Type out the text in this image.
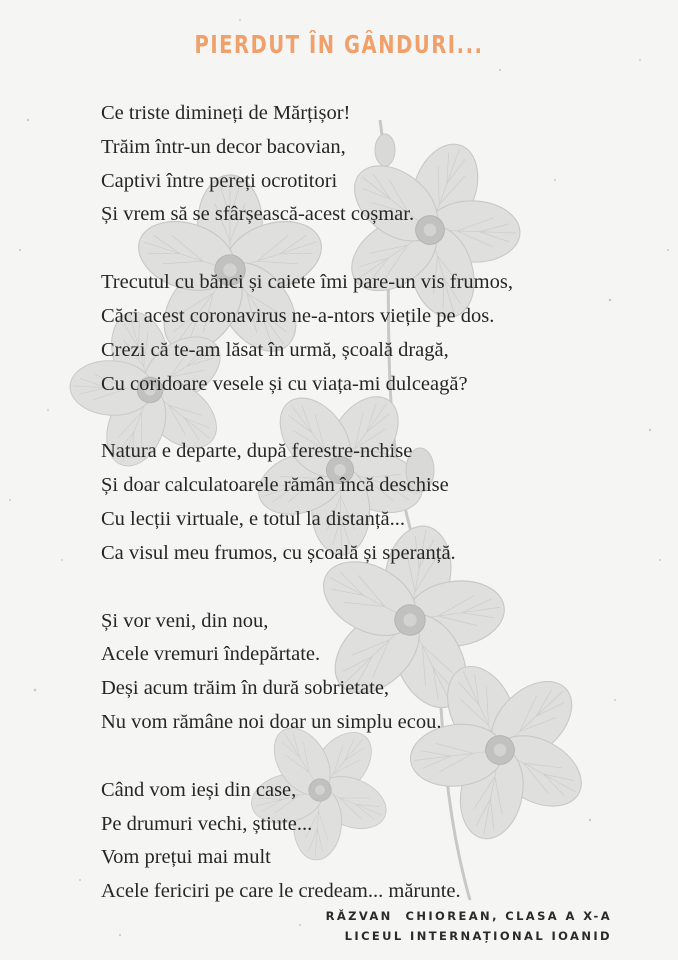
PIERDUT ÎN GÂNDURI...
Ce triste dimineți de Mărțișor!
Trăim într-un decor bacovian,
Captivi între pereți ocrotitori
Și vrem să se sfârșească-acest coșmar.
Trecutul cu bănci și caiete îmi pare-un vis frumos,
Căci acest coronavirus ne-a-ntors viețile pe dos.
Crezi că te-am lăsat în urmă, școală dragă,
Cu coridoare vesele și cu viața-mi dulceagă?
Natura e departe, după ferestre-nchise
Și doar calculatoarele rămân încă deschise
Cu lecții virtuale, e totul la distanță...
Ca visul meu frumos, cu școală și speranță.
Și vor veni, din nou,
Acele vremuri îndepărtate.
Deși acum trăim în dură sobrietate,
Nu vom rămâne noi doar un simplu ecou.
Când vom ieși din case,
Pe drumuri vechi, știute...
Vom prețui mai mult
Acele fericiri pe care le credeam... mărunte.
RĂZVAN  CHIOREAN, CLASA A X-A
LICEUL INTERNAȚIONAL IOANID
